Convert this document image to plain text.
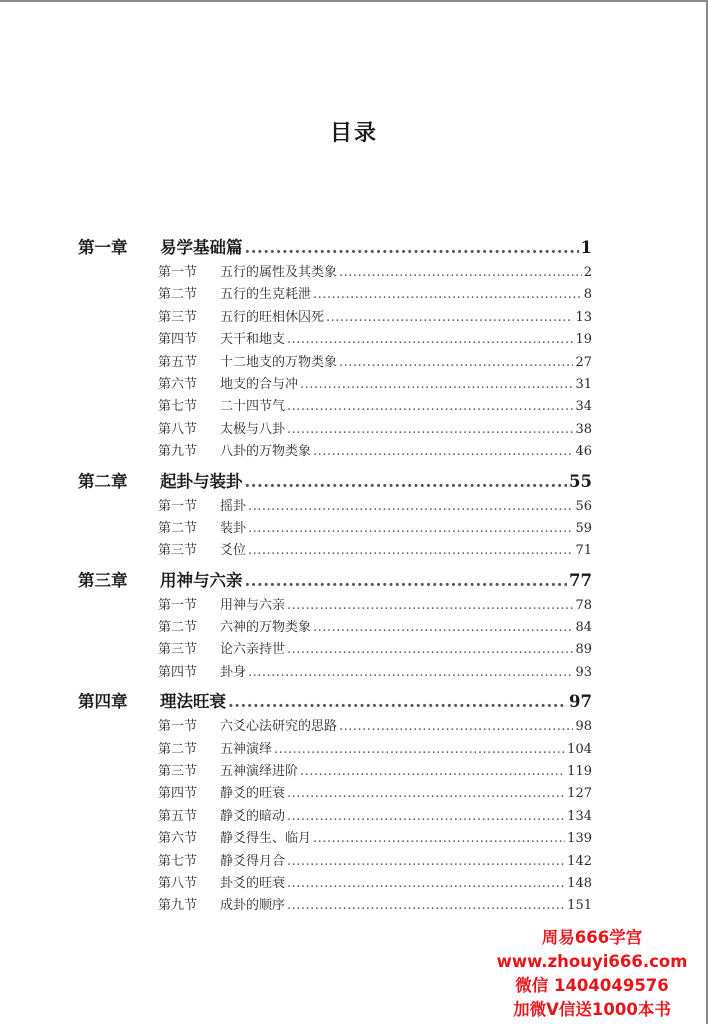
目录
第一章	易学基础篇 .....	1
第一节	五行的属性及其类象 .....	2
第二节	五行的生克耗泄 .....	8
第三节	五行的旺相休囚死 .....	13
第四节	天干和地支 .....	19
第五节	十二地支的万物类象 .....	27
第六节	地支的合与冲 .....	31
第七节	二十四节气 .....	34
第八节	太极与八卦 .....	38
第九节	八卦的万物类象 .....	46
第二章	起卦与装卦 .....	55
第一节	摇卦 .....	56
第二节	装卦 .....	59
第三节	爻位 .....	71
第三章	用神与六亲 .....	77
第一节	用神与六亲 .....	78
第二节	六神的万物类象 .....	84
第三节	论六亲持世 .....	89
第四节	卦身 .....	93
第四章	理法旺衰 .....	97
第一节	六爻心法研究的思路 .....	98
第二节	五神演绎 .....	104
第三节	五神演绎进阶 .....	119
第四节	静爻的旺衰 .....	127
第五节	静爻的暗动 .....	134
第六节	静爻得生、临月 .....	139
第七节	静爻得月合 .....	142
第八节	卦爻的旺衰 .....	148
第九节	成卦的顺序 .....	151
周易666学宫
www.zhouyi666.com
微信 1404049576
加微V信送1000本书
